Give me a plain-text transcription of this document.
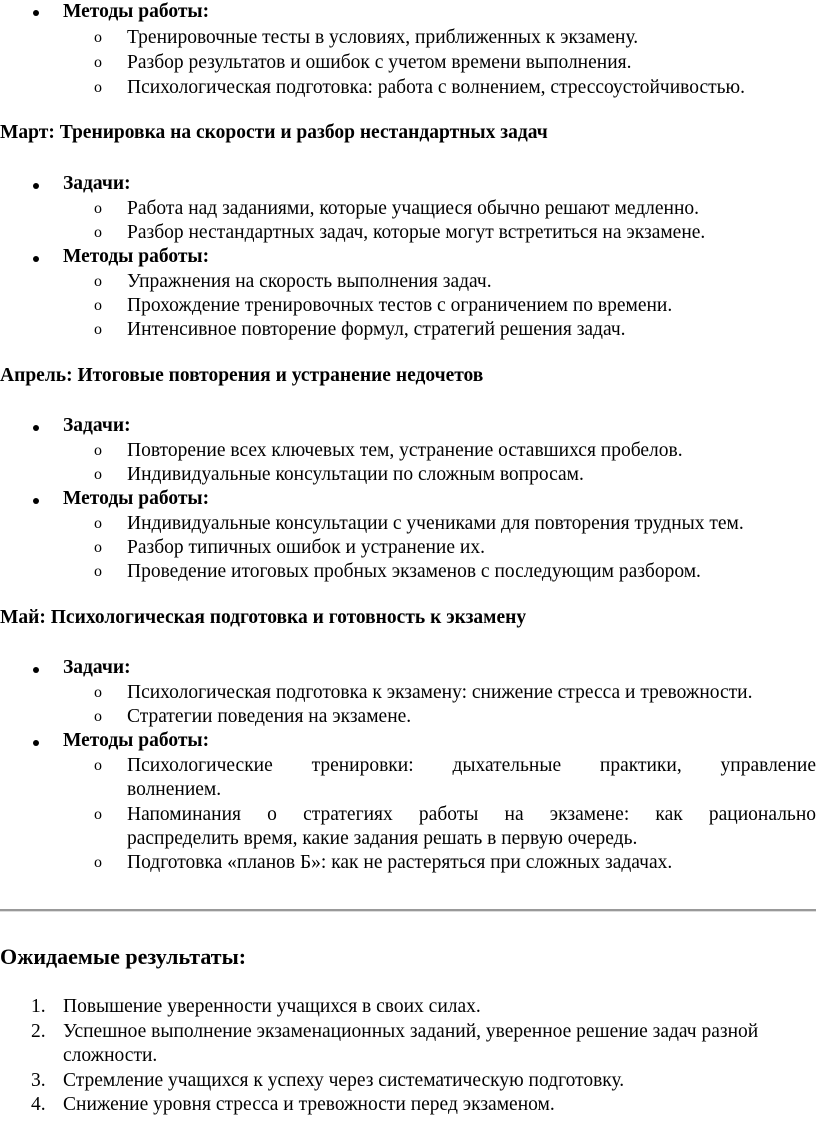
Методы работы:
o Тренировочные тесты в условиях, приближенных к экзамену.
o Разбор результатов и ошибок с учетом времени выполнения.
o Психологическая подготовка: работа с волнением, стрессоустойчивостью.
Март: Тренировка на скорости и разбор нестандартных задач
Задачи:
o Работа над заданиями, которые учащиеся обычно решают медленно.
o Разбор нестандартных задач, которые могут встретиться на экзамене.
Методы работы:
o Упражнения на скорость выполнения задач.
o Прохождение тренировочных тестов с ограничением по времени.
o Интенсивное повторение формул, стратегий решения задач.
Апрель: Итоговые повторения и устранение недочетов
Задачи:
o Повторение всех ключевых тем, устранение оставшихся пробелов.
o Индивидуальные консультации по сложным вопросам.
Методы работы:
o Индивидуальные консультации с учениками для повторения трудных тем.
o Разбор типичных ошибок и устранение их.
o Проведение итоговых пробных экзаменов с последующим разбором.
Май: Психологическая подготовка и готовность к экзамену
Задачи:
o Психологическая подготовка к экзамену: снижение стресса и тревожности.
o Стратегии поведения на экзамене.
Методы работы:
o Психологические тренировки: дыхательные практики, управление
волнением.
o Напоминания о стратегиях работы на экзамене: как рационально
распределить время, какие задания решать в первую очередь.
o Подготовка «планов Б»: как не растеряться при сложных задачах.
Ожидаемые результаты:
1. Повышение уверенности учащихся в своих силах.
2. Успешное выполнение экзаменационных заданий, уверенное решение задач разной
сложности.
3. Стремление учащихся к успеху через систематическую подготовку.
4. Снижение уровня стресса и тревожности перед экзаменом.
